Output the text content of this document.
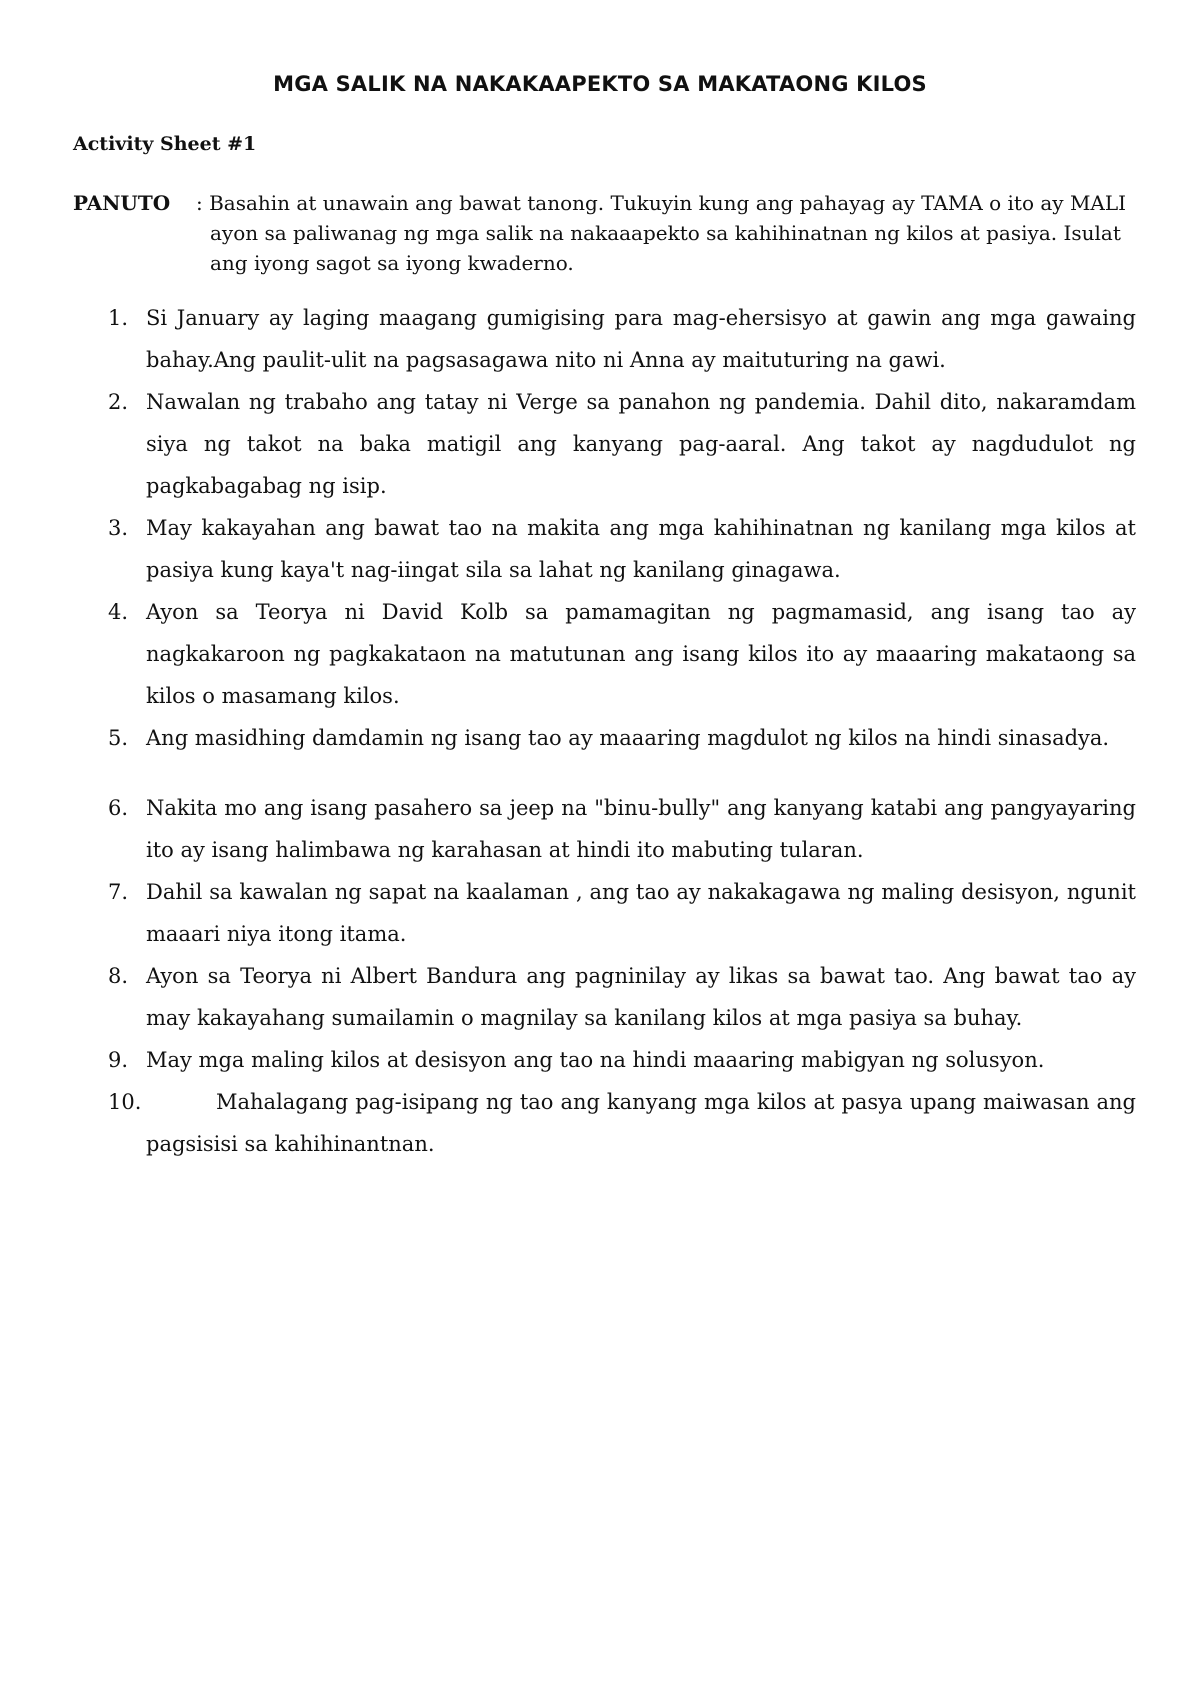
MGA SALIK NA NAKAKAAPEKTO SA MAKATAONG KILOS
Activity Sheet #1
PANUTO : Basahin at unawain ang bawat tanong. Tukuyin kung ang pahayag ay TAMA o ito ay MALI ayon sa paliwanag ng mga salik na nakaaapekto sa kahihinatnan ng kilos at pasiya. Isulat ang iyong sagot sa iyong kwaderno.
1. Si January ay laging maagang gumigising para mag-ehersisyo at gawin ang mga gawaing bahay.Ang paulit-ulit na pagsasagawa nito ni Anna ay maituturing na gawi.
2. Nawalan ng trabaho ang tatay ni Verge sa panahon ng pandemia. Dahil dito, nakaramdam siya ng takot na baka matigil ang kanyang pag-aaral. Ang takot ay nagdudulot ng pagkabagabag ng isip.
3. May kakayahan ang bawat tao na makita ang mga kahihinatnan ng kanilang mga kilos at pasiya kung kaya't nag-iingat sila sa lahat ng kanilang ginagawa.
4. Ayon sa Teorya ni David Kolb sa pamamagitan ng pagmamasid, ang isang tao ay nagkakaroon ng pagkakataon na matutunan ang isang kilos ito ay maaaring makataong sa kilos o masamang kilos.
5. Ang masidhing damdamin ng isang tao ay maaaring magdulot ng kilos na hindi sinasadya.
6. Nakita mo ang isang pasahero sa jeep na "binu-bully" ang kanyang katabi ang pangyayaring ito ay isang halimbawa ng karahasan at hindi ito mabuting tularan.
7. Dahil sa kawalan ng sapat na kaalaman , ang tao ay nakakagawa ng maling desisyon, ngunit maaari niya itong itama.
8. Ayon sa Teorya ni Albert Bandura ang pagninilay ay likas sa bawat tao. Ang bawat tao ay may kakayahang sumailamin o magnilay sa kanilang kilos at mga pasiya sa buhay.
9. May mga maling kilos at desisyon ang tao na hindi maaaring mabigyan ng solusyon.
10.	Mahalagang pag-isipang ng tao ang kanyang mga kilos at pasya upang maiwasan ang pagsisisi sa kahihinantnan.
